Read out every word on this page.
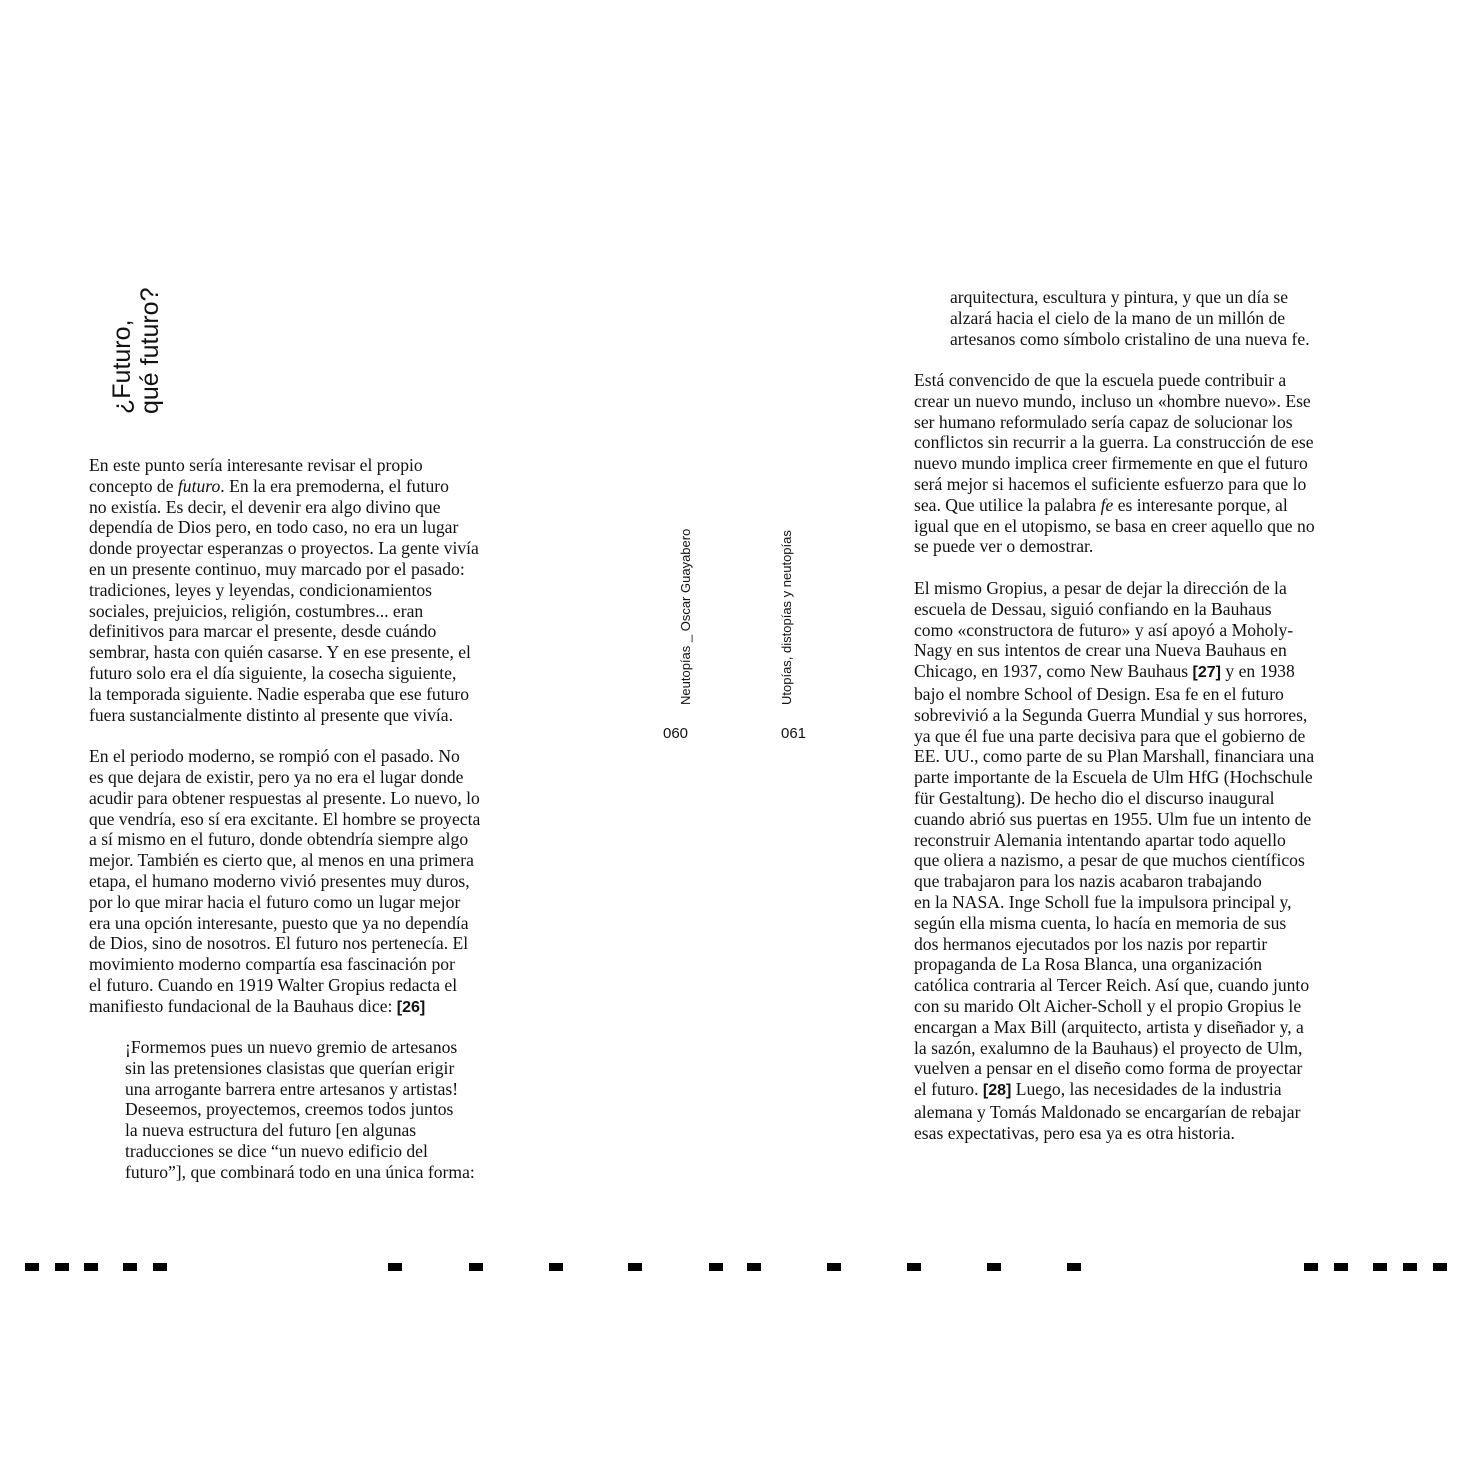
¿Futuro, qué futuro?
En este punto sería interesante revisar el propio
concepto de futuro. En la era premoderna, el futuro
no existía. Es decir, el devenir era algo divino que
dependía de Dios pero, en todo caso, no era un lugar
donde proyectar esperanzas o proyectos. La gente vivía
en un presente continuo, muy marcado por el pasado:
tradiciones, leyes y leyendas, condicionamientos
sociales, prejuicios, religión, costumbres... eran
definitivos para marcar el presente, desde cuándo
sembrar, hasta con quién casarse. Y en ese presente, el
futuro solo era el día siguiente, la cosecha siguiente,
la temporada siguiente. Nadie esperaba que ese futuro
fuera sustancialmente distinto al presente que vivía.
En el periodo moderno, se rompió con el pasado. No
es que dejara de existir, pero ya no era el lugar donde
acudir para obtener respuestas al presente. Lo nuevo, lo
que vendría, eso sí era excitante. El hombre se proyecta
a sí mismo en el futuro, donde obtendría siempre algo
mejor. También es cierto que, al menos en una primera
etapa, el humano moderno vivió presentes muy duros,
por lo que mirar hacia el futuro como un lugar mejor
era una opción interesante, puesto que ya no dependía
de Dios, sino de nosotros. El futuro nos pertenecía. El
movimiento moderno compartía esa fascinación por
el futuro. Cuando en 1919 Walter Gropius redacta el
manifiesto fundacional de la Bauhaus dice: [26]
¡Formemos pues un nuevo gremio de artesanos
sin las pretensiones clasistas que querían erigir
una arrogante barrera entre artesanos y artistas!
Deseemos, proyectemos, creemos todos juntos
la nueva estructura del futuro [en algunas
traducciones se dice “un nuevo edificio del
futuro”], que combinará todo en una única forma:
Neutopías _ Oscar Guayabero	Utopías, distopías y neutopías
060	061
arquitectura, escultura y pintura, y que un día se
alzará hacia el cielo de la mano de un millón de
artesanos como símbolo cristalino de una nueva fe.
Está convencido de que la escuela puede contribuir a
crear un nuevo mundo, incluso un «hombre nuevo». Ese
ser humano reformulado sería capaz de solucionar los
conflictos sin recurrir a la guerra. La construcción de ese
nuevo mundo implica creer firmemente en que el futuro
será mejor si hacemos el suficiente esfuerzo para que lo
sea. Que utilice la palabra fe es interesante porque, al
igual que en el utopismo, se basa en creer aquello que no
se puede ver o demostrar.
El mismo Gropius, a pesar de dejar la dirección de la
escuela de Dessau, siguió confiando en la Bauhaus
como «constructora de futuro» y así apoyó a Moholy-
Nagy en sus intentos de crear una Nueva Bauhaus en
Chicago, en 1937, como New Bauhaus [27] y en 1938
bajo el nombre School of Design. Esa fe en el futuro
sobrevivió a la Segunda Guerra Mundial y sus horrores,
ya que él fue una parte decisiva para que el gobierno de
EE. UU., como parte de su Plan Marshall, financiara una
parte importante de la Escuela de Ulm HfG (Hochschule
für Gestaltung). De hecho dio el discurso inaugural
cuando abrió sus puertas en 1955. Ulm fue un intento de
reconstruir Alemania intentando apartar todo aquello
que oliera a nazismo, a pesar de que muchos científicos
que trabajaron para los nazis acabaron trabajando
en la NASA. Inge Scholl fue la impulsora principal y,
según ella misma cuenta, lo hacía en memoria de sus
dos hermanos ejecutados por los nazis por repartir
propaganda de La Rosa Blanca, una organización
católica contraria al Tercer Reich. Así que, cuando junto
con su marido Olt Aicher-Scholl y el propio Gropius le
encargan a Max Bill (arquitecto, artista y diseñador y, a
la sazón, exalumno de la Bauhaus) el proyecto de Ulm,
vuelven a pensar en el diseño como forma de proyectar
el futuro. [28] Luego, las necesidades de la industria
alemana y Tomás Maldonado se encargarían de rebajar
esas expectativas, pero esa ya es otra historia.
